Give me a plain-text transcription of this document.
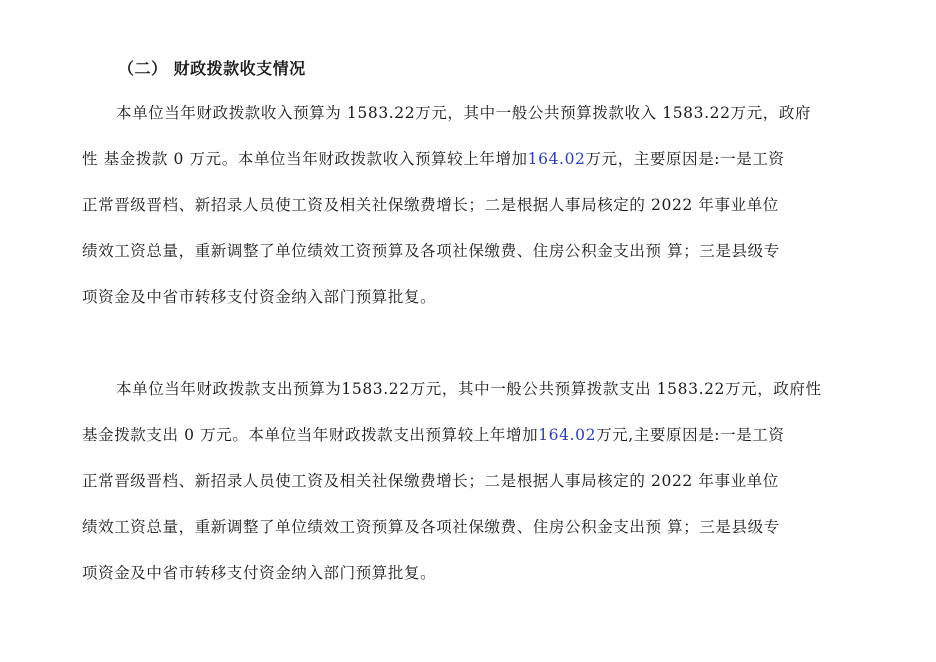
（二） 财政拨款收支情况
本单位当年财政拨款收入预算为 1583.22万元，其中一般公共预算拨款收入 1583.22万元，政府
性 基金拨款 0 万元。本单位当年财政拨款收入预算较上年增加164.02万元，主要原因是:一是工资
正常晋级晋档、新招录人员使工资及相关社保缴费增长；二是根据人事局核定的 2022 年事业单位
绩效工资总量，重新调整了单位绩效工资预算及各项社保缴费、住房公积金支出预 算；三是县级专
项资金及中省市转移支付资金纳入部门预算批复。
本单位当年财政拨款支出预算为1583.22万元，其中一般公共预算拨款支出 1583.22万元，政府性
基金拨款支出 0 万元。本单位当年财政拨款支出预算较上年增加164.02万元,主要原因是:一是工资
正常晋级晋档、新招录人员使工资及相关社保缴费增长；二是根据人事局核定的 2022 年事业单位
绩效工资总量，重新调整了单位绩效工资预算及各项社保缴费、住房公积金支出预 算；三是县级专
项资金及中省市转移支付资金纳入部门预算批复。
